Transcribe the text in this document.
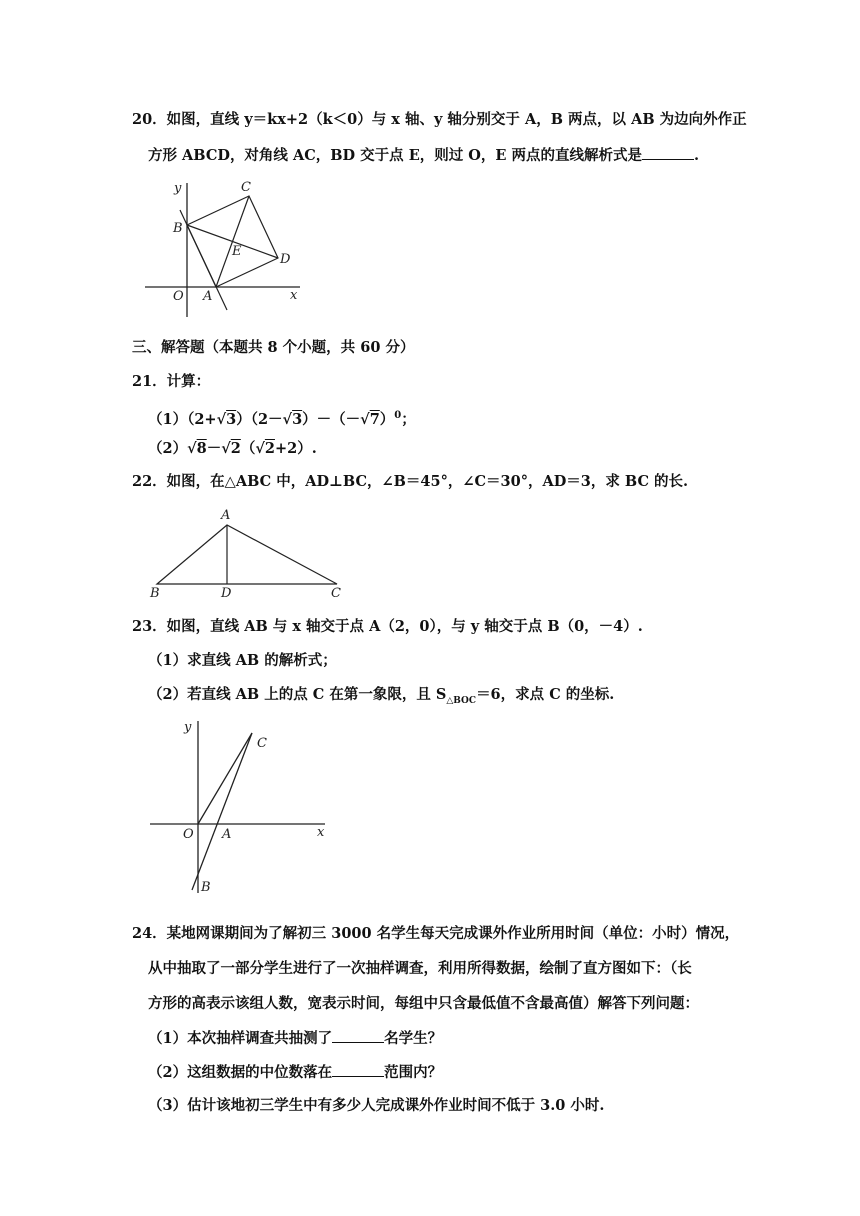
20．如图，直线 y＝kx+2（k＜0）与 x 轴、y 轴分别交于 A，B 两点，以 AB 为边向外作正
方形 ABCD，对角线 AC，BD 交于点 E，则过 O，E 两点的直线解析式是	.
y
x
O A
B
C
D
E
三、解答题（本题共 8 个小题，共 60 分）
21．计算：
$(1)(2+√3)(2-√3)-(-√7)^0$；
（2）√8－√2（√2+2）.
22．如图，在△ABC 中，AD⊥BC，∠B＝45°，∠C＝30°，AD＝3，求 BC 的长.
A
B	D	C
23．如图，直线 AB 与 x 轴交于点 A（2，0），与 y 轴交于点 B（0，－4）.
（1）求直线 AB 的解析式；
（2）若直线 AB 上的点 C 在第一象限，且 $S_{\triangle BOC}=6$，求点 C 的坐标.
y
x
O A
B
C
24．某地网课期间为了解初三 3000 名学生每天完成课外作业所用时间（单位：小时）情况，
从中抽取了一部分学生进行了一次抽样调查，利用所得数据，绘制了直方图如下：（长
方形的高表示该组人数，宽表示时间，每组中只含最低值不含最高值）解答下列问题：
（1）本次抽样调查共抽测了	名学生？
（2）这组数据的中位数落在	范围内？
（3）估计该地初三学生中有多少人完成课外作业时间不低于 3.0 小时.
